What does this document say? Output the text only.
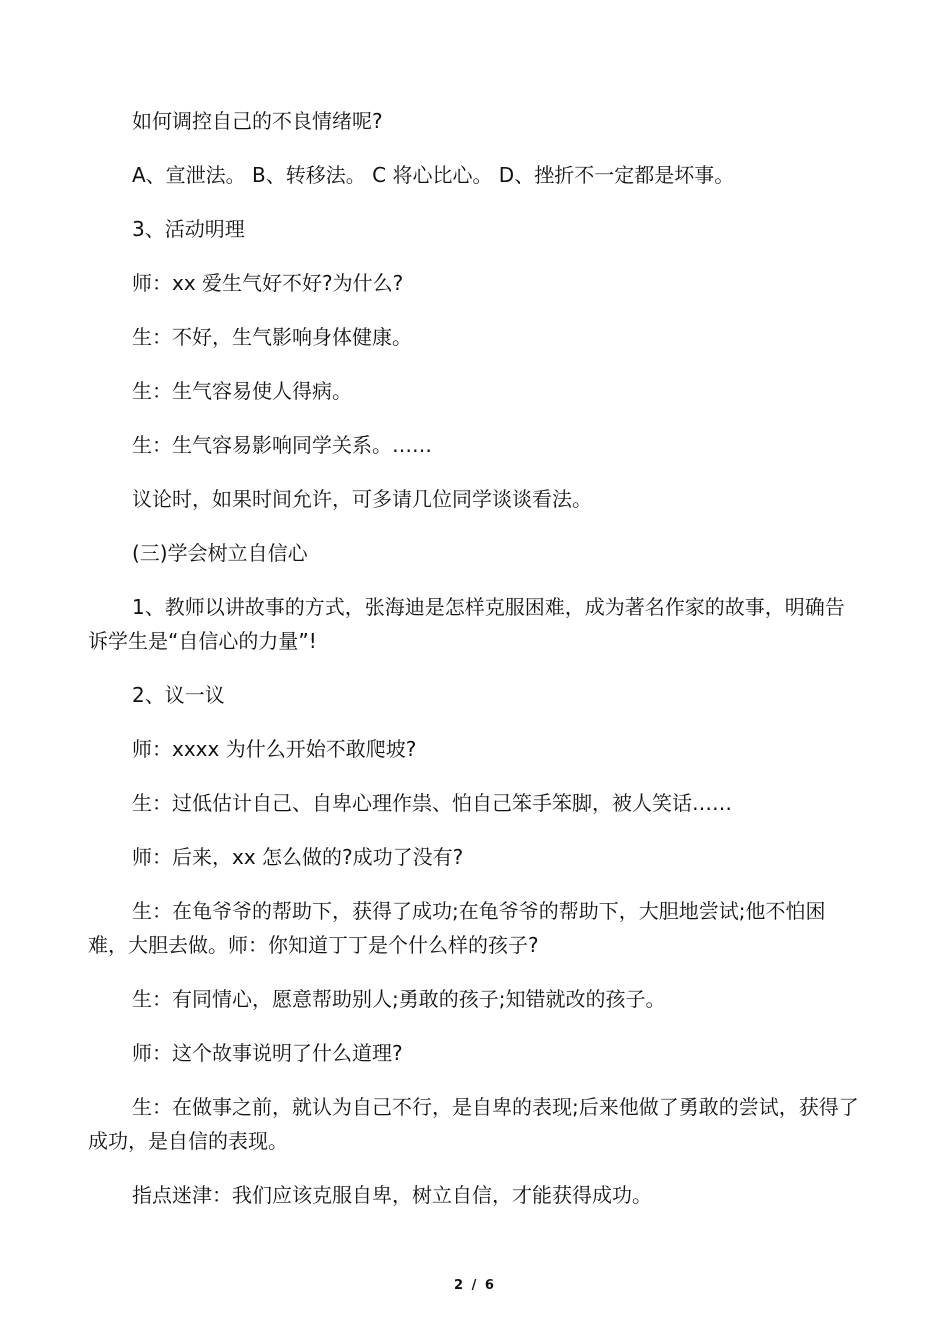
如何调控自己的不良情绪呢?

A、宣泄法。 B、转移法。 C 将心比心。 D、挫折不一定都是坏事。

3、活动明理

师：xx 爱生气好不好?为什么?

生：不好，生气影响身体健康。

生：生气容易使人得病。

生：生气容易影响同学关系。……

议论时，如果时间允许，可多请几位同学谈谈看法。

(三)学会树立自信心

1、教师以讲故事的方式，张海迪是怎样克服困难，成为著名作家的故事，明确告诉学生是“自信心的力量”!

2、议一议

师：xxxx 为什么开始不敢爬坡?

生：过低估计自己、自卑心理作祟、怕自己笨手笨脚，被人笑话……

师：后来，xx 怎么做的?成功了没有?

生：在龟爷爷的帮助下，获得了成功;在龟爷爷的帮助下，大胆地尝试;他不怕困难，大胆去做。师：你知道丁丁是个什么样的孩子?

生：有同情心，愿意帮助别人;勇敢的孩子;知错就改的孩子。

师：这个故事说明了什么道理?

生：在做事之前，就认为自己不行，是自卑的表现;后来他做了勇敢的尝试，获得了成功，是自信的表现。

指点迷津：我们应该克服自卑，树立自信，才能获得成功。

2 / 6
